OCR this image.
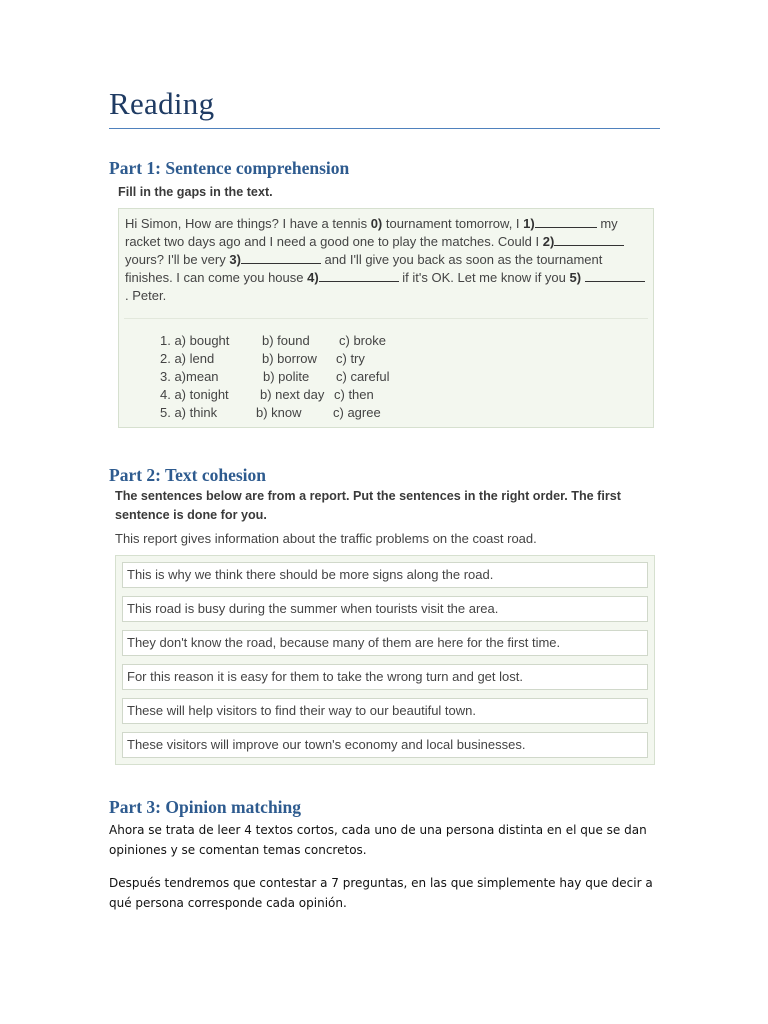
Reading
Part 1: Sentence comprehension
Fill in the gaps in the text.
Hi Simon, How are things? I have a tennis 0) tournament tomorrow, I 1)	my racket two days ago and I need a good one to play the matches. Could I 2) yours? I'll be very 3)	and I'll give you back as soon as the tournament finishes. I can come you house 4)	if it's OK. Let me know if you 5)  . Peter.
1. a) bought	b) found c) broke
2. a) lend	b) borrow c) try
3. a)mean	b) polite c) careful
4. a) tonight b) next day c) then
5. a) think	b) know c) agree
Part 2: Text cohesion
The sentences below are from a report. Put the sentences in the right order. The first sentence is done for you.
This report gives information about the traffic problems on the coast road.
This is why we think there should be more signs along the road.
This road is busy during the summer when tourists visit the area.
They don't know the road, because many of them are here for the first time.
For this reason it is easy for them to take the wrong turn and get lost.
These will help visitors to find their way to our beautiful town.
These visitors will improve our town's economy and local businesses.
Part 3: Opinion matching
Ahora se trata de leer 4 textos cortos, cada uno de una persona distinta en el que se dan opiniones y se comentan temas concretos.
Después tendremos que contestar a 7 preguntas, en las que simplemente hay que decir a qué persona corresponde cada opinión.
